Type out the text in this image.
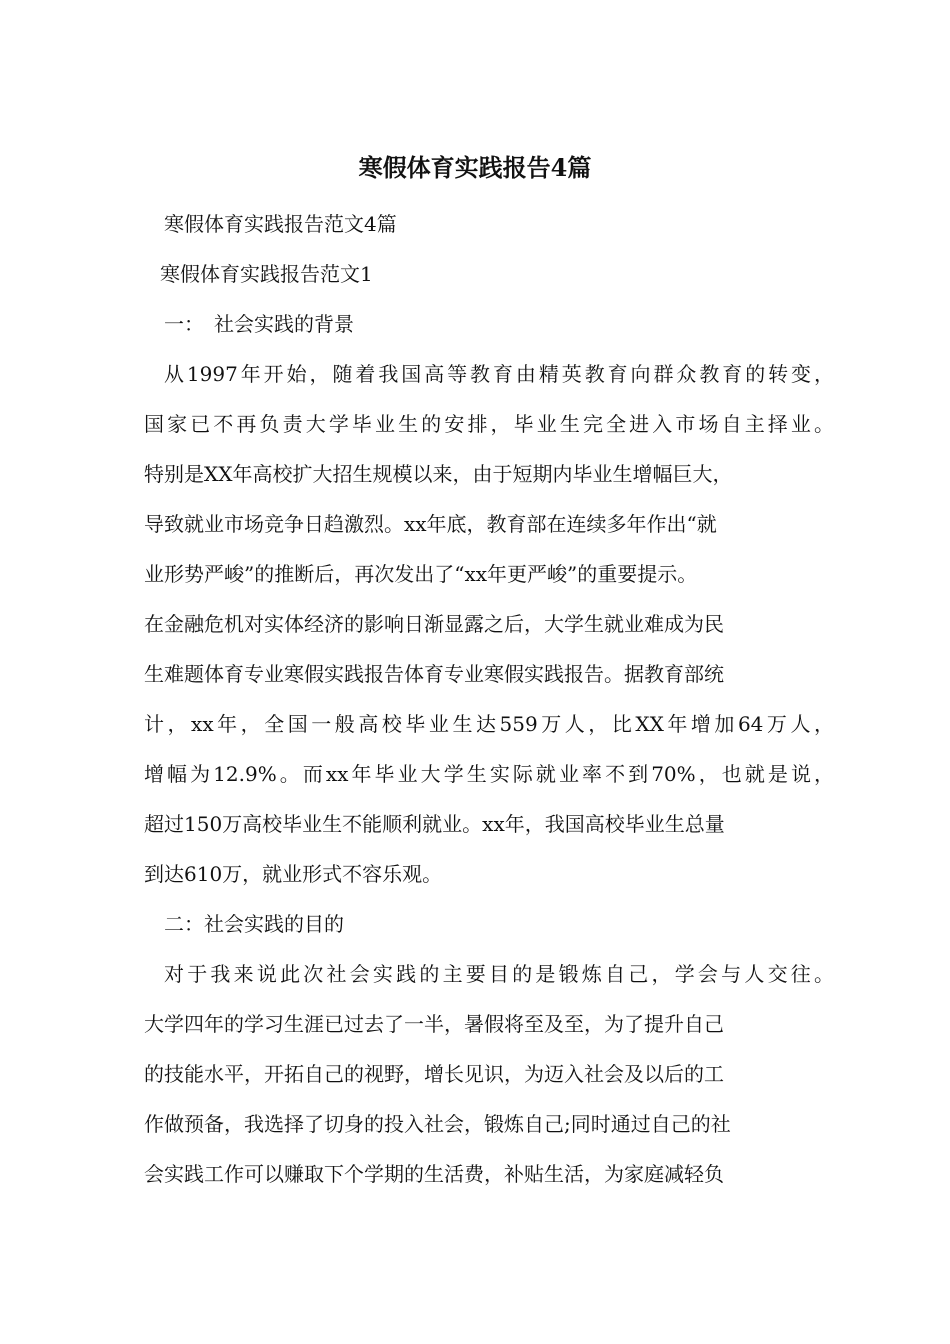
寒假体育实践报告4篇
寒假体育实践报告范文4篇
寒假体育实践报告范文1
一：　社会实践的背景
从1997年开始，随着我国高等教育由精英教育向群众教育的转变，
国家已不再负责大学毕业生的安排，毕业生完全进入市场自主择业。
特别是XX年高校扩大招生规模以来，由于短期内毕业生增幅巨大，
导致就业市场竞争日趋激烈。xx年底，教育部在连续多年作出“就
业形势严峻”的推断后，再次发出了“xx年更严峻”的重要提示。
在金融危机对实体经济的影响日渐显露之后，大学生就业难成为民
生难题体育专业寒假实践报告体育专业寒假实践报告。据教育部统
计，xx年，全国一般高校毕业生达559万人，比XX年增加64万人，
增幅为12.9%。而xx年毕业大学生实际就业率不到70%，也就是说，
超过150万高校毕业生不能顺利就业。xx年，我国高校毕业生总量
到达610万，就业形式不容乐观。
二：社会实践的目的
对于我来说此次社会实践的主要目的是锻炼自己，学会与人交往。
大学四年的学习生涯已过去了一半，暑假将至及至，为了提升自己
的技能水平，开拓自己的视野，增长见识，为迈入社会及以后的工
作做预备，我选择了切身的投入社会，锻炼自己;同时通过自己的社
会实践工作可以赚取下个学期的生活费，补贴生活，为家庭减轻负
